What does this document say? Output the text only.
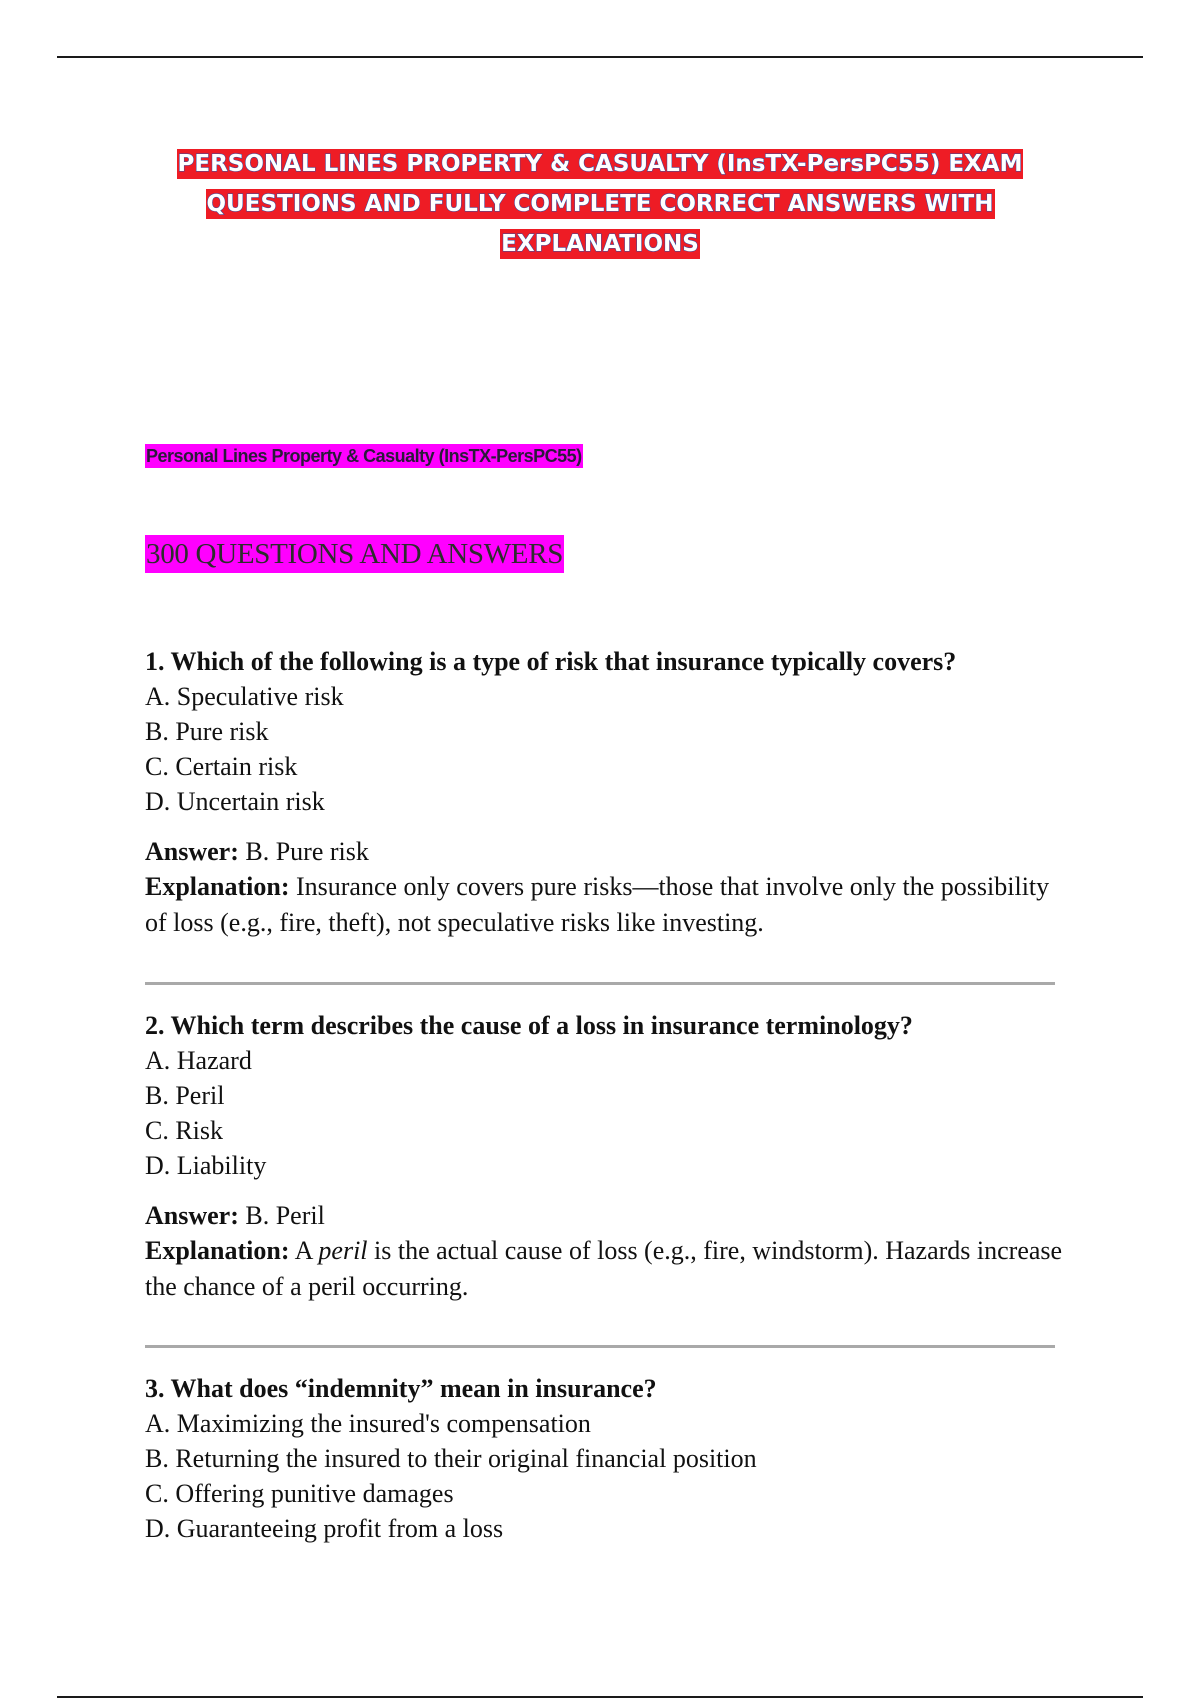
PERSONAL LINES PROPERTY & CASUALTY (InsTX-PersPC55) EXAM QUESTIONS AND FULLY COMPLETE CORRECT ANSWERS WITH EXPLANATIONS
Personal Lines Property & Casualty (InsTX-PersPC55)
300 QUESTIONS AND ANSWERS

1. Which of the following is a type of risk that insurance typically covers?

A. Speculative risk

B. Pure risk

C. Certain risk

D. Uncertain risk

Answer: B. Pure risk
Explanation: Insurance only covers pure risks—those that involve only the possibility of loss (e.g., fire, theft), not speculative risks like investing.

2. Which term describes the cause of a loss in insurance terminology?

A. Hazard

B. Peril

C. Risk

D. Liability

Answer: B. Peril
Explanation: A peril is the actual cause of loss (e.g., fire, windstorm). Hazards increase the chance of a peril occurring.

3. What does “indemnity” mean in insurance?

A. Maximizing the insured's compensation

B. Returning the insured to their original financial position

C. Offering punitive damages

D. Guaranteeing profit from a loss
